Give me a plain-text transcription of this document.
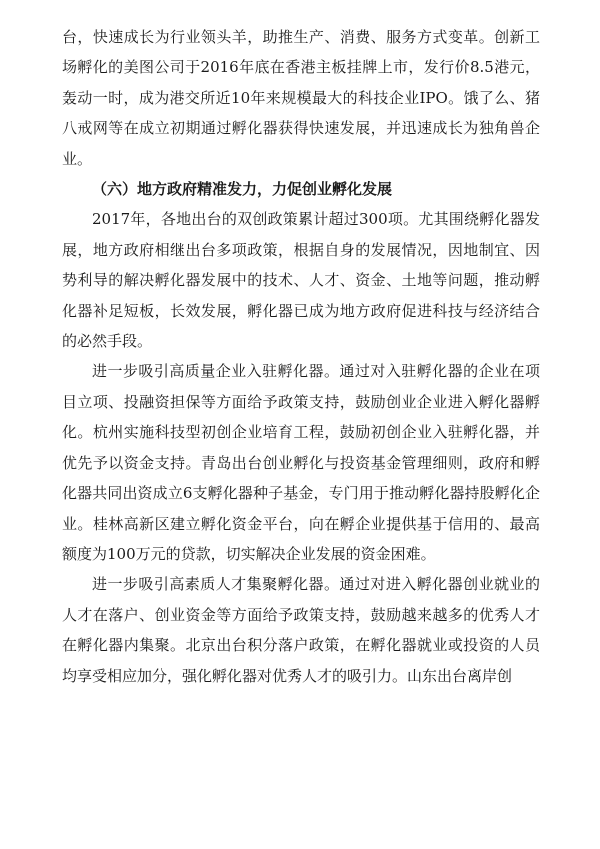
台，快速成长为行业领头羊，助推生产、消费、服务方式变革。创新工场孵化的美图公司于2016年底在香港主板挂牌上市，发行价8.5港元，轰动一时，成为港交所近10年来规模最大的科技企业IPO。饿了么、猪八戒网等在成立初期通过孵化器获得快速发展，并迅速成长为独角兽企业。

（六）地方政府精准发力，力促创业孵化发展

2017年，各地出台的双创政策累计超过300项。尤其围绕孵化器发展，地方政府相继出台多项政策，根据自身的发展情况，因地制宜、因势利导的解决孵化器发展中的技术、人才、资金、土地等问题，推动孵化器补足短板，长效发展，孵化器已成为地方政府促进科技与经济结合的必然手段。

进一步吸引高质量企业入驻孵化器。通过对入驻孵化器的企业在项目立项、投融资担保等方面给予政策支持，鼓励创业企业进入孵化器孵化。杭州实施科技型初创企业培育工程，鼓励初创企业入驻孵化器，并优先予以资金支持。青岛出台创业孵化与投资基金管理细则，政府和孵化器共同出资成立6支孵化器种子基金，专门用于推动孵化器持股孵化企业。桂林高新区建立孵化资金平台，向在孵企业提供基于信用的、最高额度为100万元的贷款，切实解决企业发展的资金困难。

进一步吸引高素质人才集聚孵化器。通过对进入孵化器创业就业的人才在落户、创业资金等方面给予政策支持，鼓励越来越多的优秀人才在孵化器内集聚。北京出台积分落户政策，在孵化器就业或投资的人员均享受相应加分，强化孵化器对优秀人才的吸引力。山东出台离岸创
